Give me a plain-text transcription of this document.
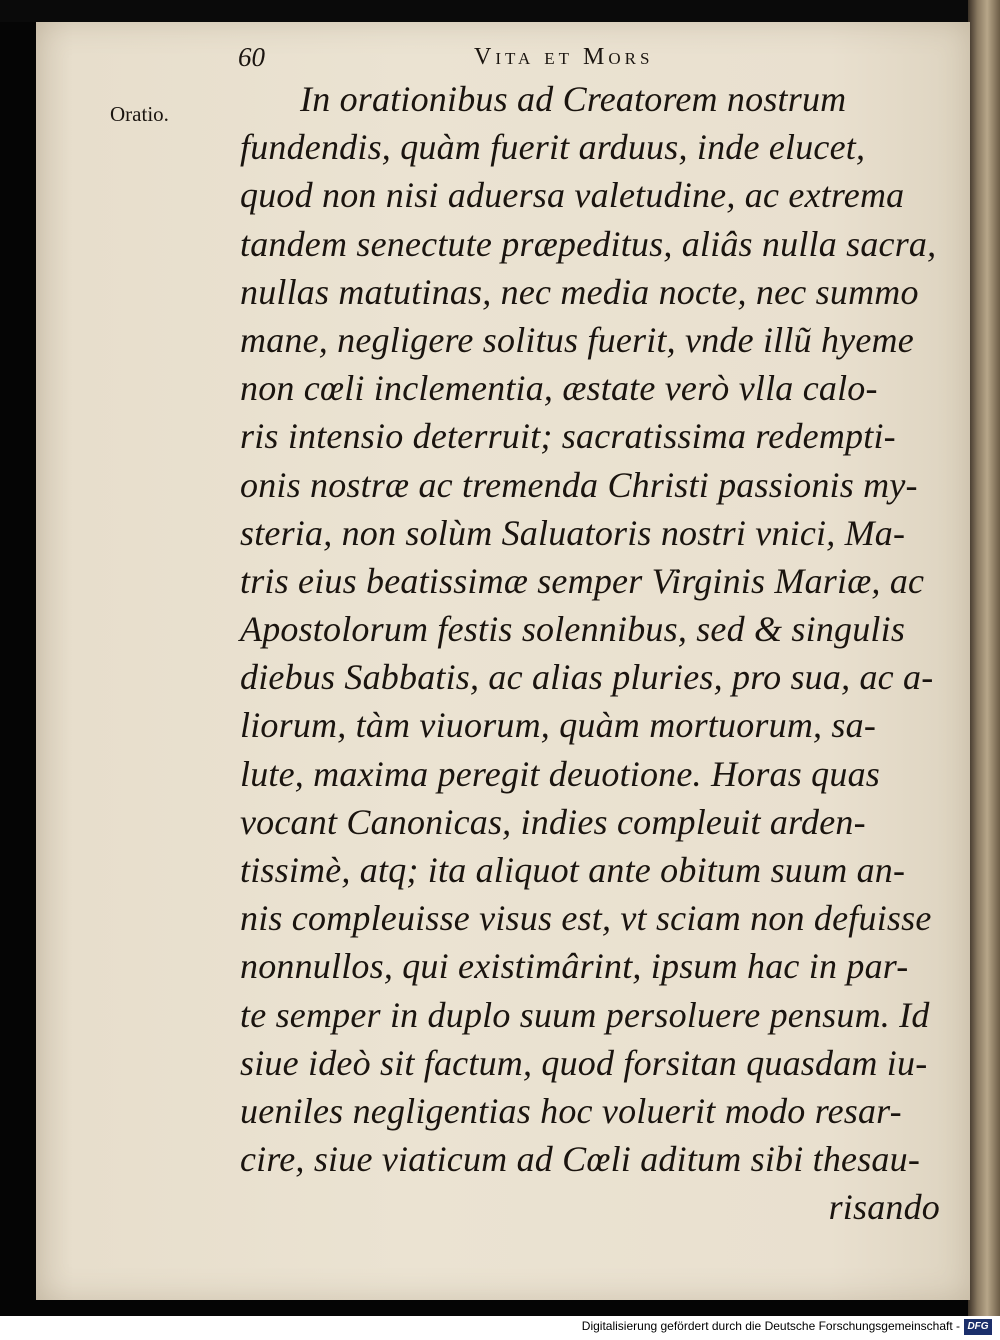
60	Vita et Mors
Oratio.	In orationibus ad Creatorem nostrum
fundendis, quàm fuerit arduus, inde elucet,
quod non nisi aduersa valetudine, ac extrema
tandem senectute præpeditus, aliâs nulla sacra,
nullas matutinas, nec media nocte, nec summo
mane, negligere solitus fuerit, vnde illũ hyeme
non cœli inclementia, æstate verò vlla calo-
ris intensio deterruit; sacratissima redempti-
onis nostræ ac tremenda Christi passionis my-
steria, non solùm Saluatoris nostri vnici, Ma-
tris eius beatissimæ semper Virginis Mariæ, ac
Apostolorum festis solennibus, sed & singulis
diebus Sabbatis, ac alias pluries, pro sua, ac a-
liorum, tàm viuorum, quàm mortuorum, sa-
lute, maxima peregit deuotione. Horas quas
vocant Canonicas, indies compleuit arden-
tissimè, atq; ita aliquot ante obitum suum an-
nis compleuisse visus est, vt sciam non defuisse
nonnullos, qui existimârint, ipsum hac in par-
te semper in duplo suum persoluere pensum. Id
siue ideò sit factum, quod forsitan quasdam iu-
ueniles negligentias hoc voluerit modo resar-
cire, siue viaticum ad Cœli aditum sibi thesau-
risando
Digitalisierung gefördert durch die Deutsche Forschungsgemeinschaft - DFG
